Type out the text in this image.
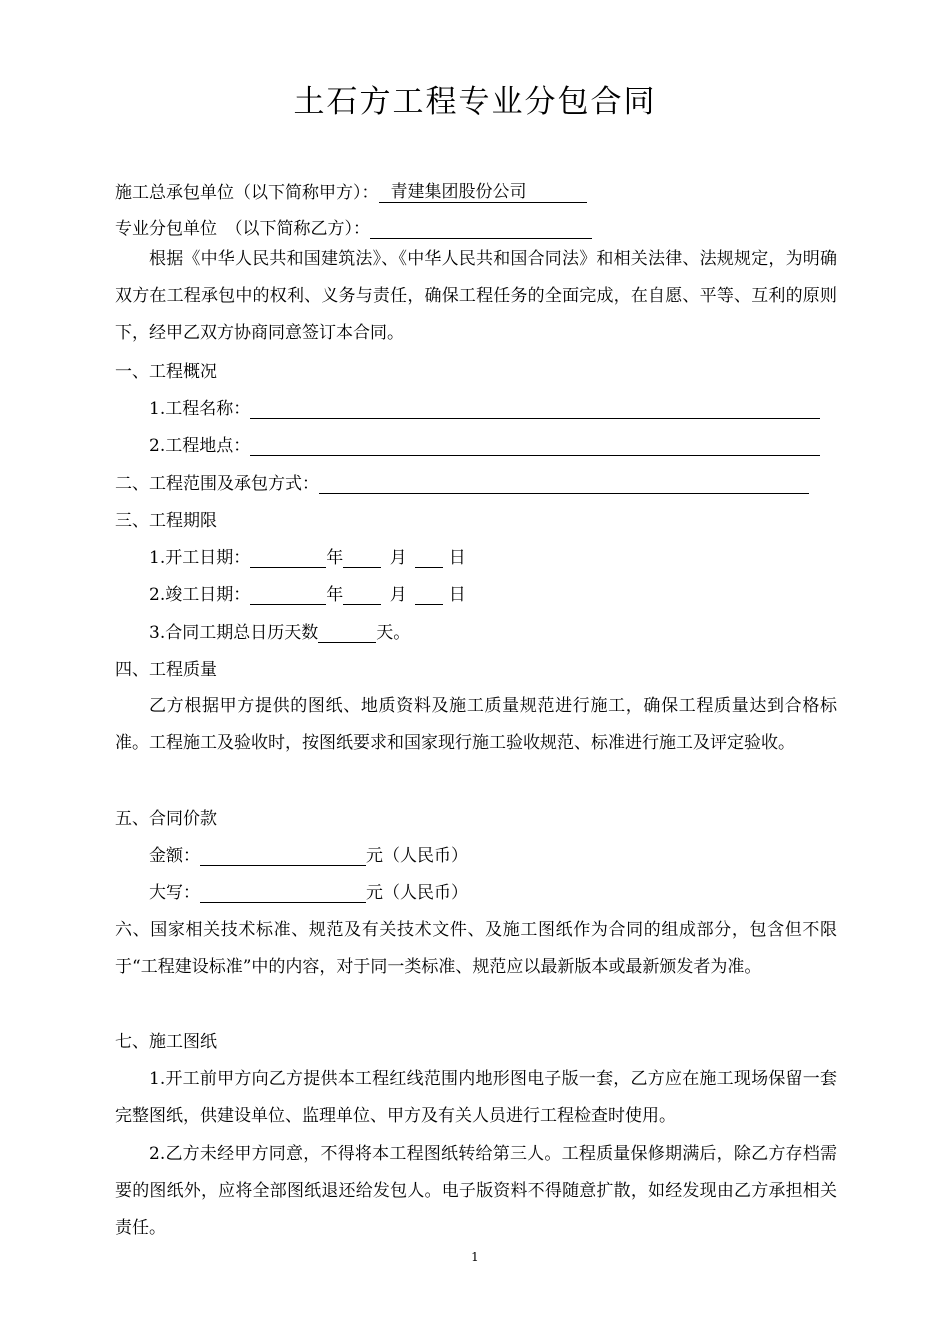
土石方工程专业分包合同
施工总承包单位（以下简称甲方）： 青建集团股份公司
专业分包单位　（以下简称乙方）：

根据《中华人民共和国建筑法》、《中华人民共和国合同法》和相关法律、法规规定，为明确双方在工程承包中的权利、义务与责任，确保工程任务的全面完成，在自愿、平等、互利的原则下，经甲乙双方协商同意签订本合同。

一、工程概况
1.工程名称：
2.工程地点：
二、工程范围及承包方式：
三、工程期限
1.开工日期：	年	月 日
2.竣工日期：	年	月 日
3.合同工期总日历天数	天。
四、工程质量

乙方根据甲方提供的图纸、地质资料及施工质量规范进行施工，确保工程质量达到合格标准。工程施工及验收时，按图纸要求和国家现行施工验收规范、标准进行施工及评定验收。

五、合同价款
金额：	元（人民币）
大写：	元（人民币）

六、国家相关技术标准、规范及有关技术文件、及施工图纸作为合同的组成部分，包含但不限于“工程建设标准”中的内容，对于同一类标准、规范应以最新版本或最新颁发者为准。

七、施工图纸

1.开工前甲方向乙方提供本工程红线范围内地形图电子版一套，乙方应在施工现场保留一套完整图纸，供建设单位、监理单位、甲方及有关人员进行工程检查时使用。

2.乙方未经甲方同意，不得将本工程图纸转给第三人。工程质量保修期满后，除乙方存档需要的图纸外，应将全部图纸退还给发包人。电子版资料不得随意扩散，如经发现由乙方承担相关责任。

1
